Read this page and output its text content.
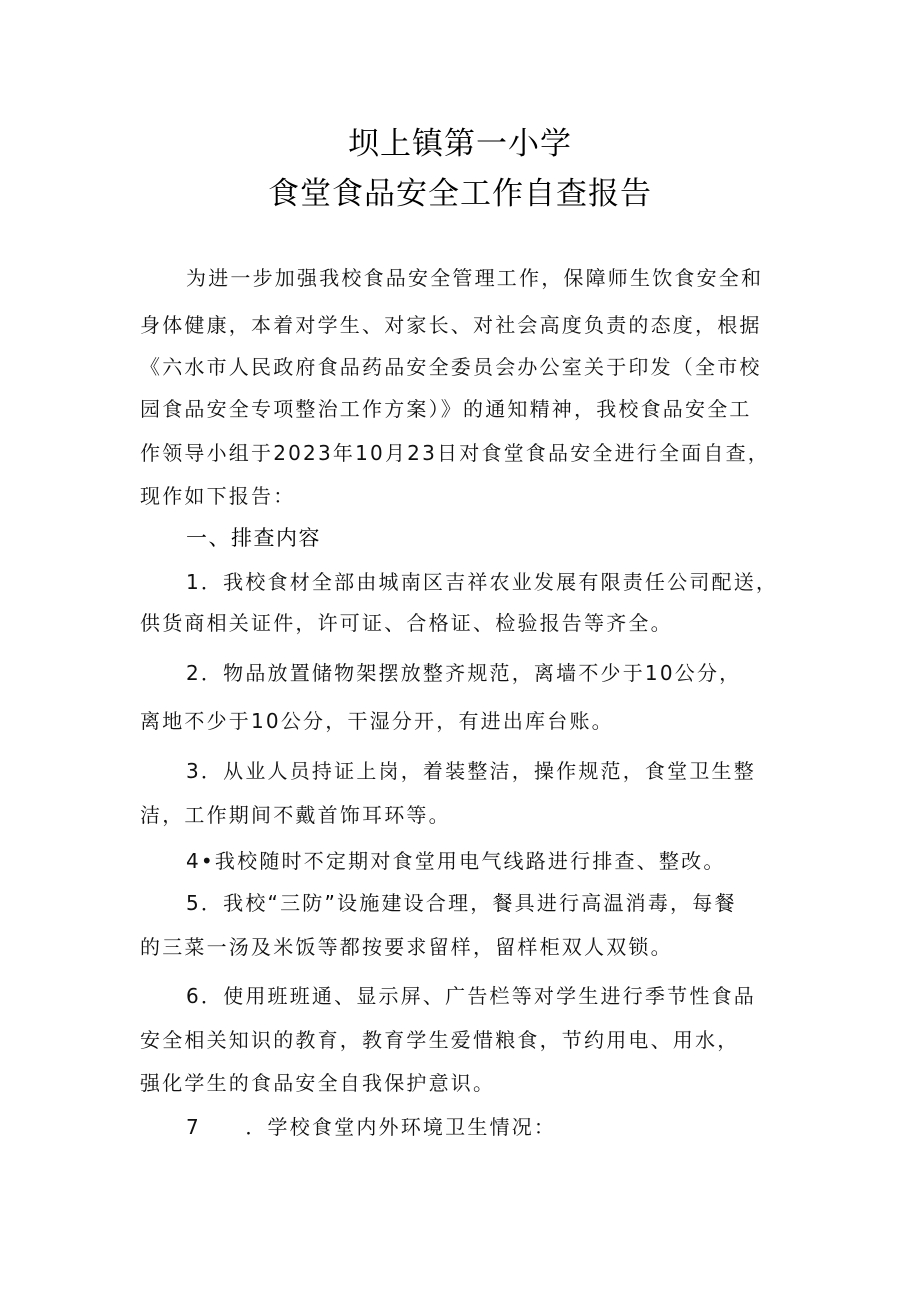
坝上镇第一小学
食堂食品安全工作自查报告
为进一步加强我校食品安全管理工作，保障师生饮食安全和
身体健康，本着对学生、对家长、对社会高度负责的态度，根据
《六水市人民政府食品药品安全委员会办公室关于印发（全市校
园食品安全专项整治工作方案）》的通知精神，我校食品安全工
作领导小组于2023年10月23日对食堂食品安全进行全面自查，
现作如下报告：
一、排查内容
1．我校食材全部由城南区吉祥农业发展有限责任公司配送，
供货商相关证件，许可证、合格证、检验报告等齐全。
2．物品放置储物架摆放整齐规范，离墙不少于10公分，
离地不少于10公分，干湿分开，有进出库台账。
3．从业人员持证上岗，着装整洁，操作规范，食堂卫生整
洁，工作期间不戴首饰耳环等。
4•我校随时不定期对食堂用电气线路进行排查、整改。
5．我校“三防”设施建设合理，餐具进行高温消毒，每餐
的三菜一汤及米饭等都按要求留样，留样柜双人双锁。
6．使用班班通、显示屏、广告栏等对学生进行季节性食品
安全相关知识的教育，教育学生爱惜粮食，节约用电、用水，
强化学生的食品安全自我保护意识。
7　　．学校食堂内外环境卫生情况：
